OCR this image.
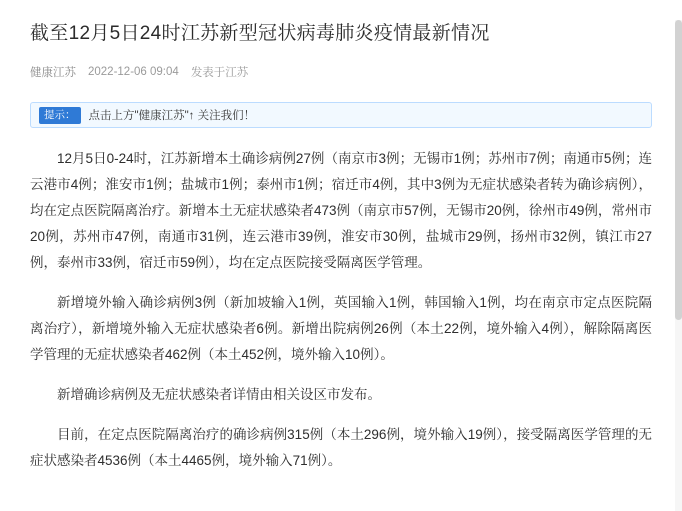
截至12月5日24时江苏新型冠状病毒肺炎疫情最新情况
健康江苏 2022-12-06 09:04 发表于江苏
提示：	点击上方"健康江苏"↑ 关注我们！

12月5日0-24时，江苏新增本土确诊病例27例（南京市3例；无锡市1例；苏州市7例；南通市5例；连云港市4例；淮安市1例；盐城市1例；泰州市1例；宿迁市4例，其中3例为无症状感染者转为确诊病例），均在定点医院隔离治疗。新增本土无症状感染者473例（南京市57例，无锡市20例，徐州市49例，常州市20例，苏州市47例，南通市31例，连云港市39例，淮安市30例，盐城市29例，扬州市32例，镇江市27例，泰州市33例，宿迁市59例），均在定点医院接受隔离医学管理。

新增境外输入确诊病例3例（新加坡输入1例，英国输入1例，韩国输入1例，均在南京市定点医院隔离治疗），新增境外输入无症状感染者6例。新增出院病例26例（本土22例，境外输入4例），解除隔离医学管理的无症状感染者462例（本土452例，境外输入10例）。

新增确诊病例及无症状感染者详情由相关设区市发布。

目前，在定点医院隔离治疗的确诊病例315例（本土296例，境外输入19例），接受隔离医学管理的无症状感染者4536例（本土4465例，境外输入71例）。
